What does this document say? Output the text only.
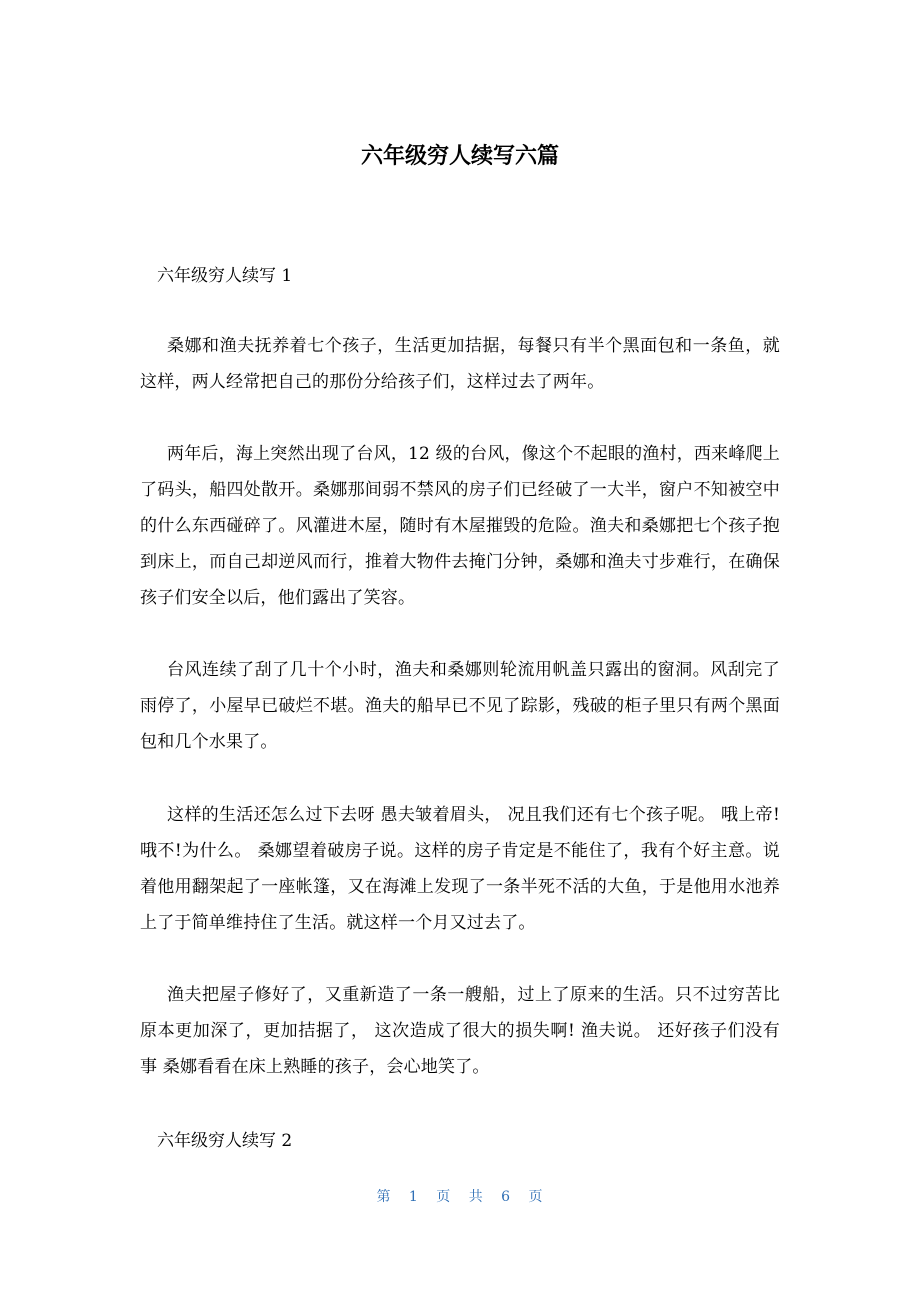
六年级穷人续写六篇

六年级穷人续写 1

桑娜和渔夫抚养着七个孩子，生活更加拮据，每餐只有半个黑面包和一条鱼，就这样，两人经常把自己的那份分给孩子们，这样过去了两年。

两年后，海上突然出现了台风，12 级的台风，像这个不起眼的渔村，西来峰爬上了码头，船四处散开。桑娜那间弱不禁风的房子们已经破了一大半，窗户不知被空中的什么东西碰碎了。风灌进木屋，随时有木屋摧毁的危险。渔夫和桑娜把七个孩子抱到床上，而自己却逆风而行，推着大物件去掩门分钟，桑娜和渔夫寸步难行，在确保孩子们安全以后，他们露出了笑容。

台风连续了刮了几十个小时，渔夫和桑娜则轮流用帆盖只露出的窗洞。风刮完了雨停了，小屋早已破烂不堪。渔夫的船早已不见了踪影，残破的柜子里只有两个黑面包和几个水果了。

这样的生活还怎么过下去呀 愚夫皱着眉头， 况且我们还有七个孩子呢。 哦上帝!哦不!为什么。 桑娜望着破房子说。这样的房子肯定是不能住了，我有个好主意。说着他用翻架起了一座帐篷，又在海滩上发现了一条半死不活的大鱼，于是他用水池养上了于简单维持住了生活。就这样一个月又过去了。

渔夫把屋子修好了，又重新造了一条一艘船，过上了原来的生活。只不过穷苦比原本更加深了，更加拮据了， 这次造成了很大的损失啊! 渔夫说。 还好孩子们没有事 桑娜看看在床上熟睡的孩子，会心地笑了。

六年级穷人续写 2

第 1 页 共 6 页
